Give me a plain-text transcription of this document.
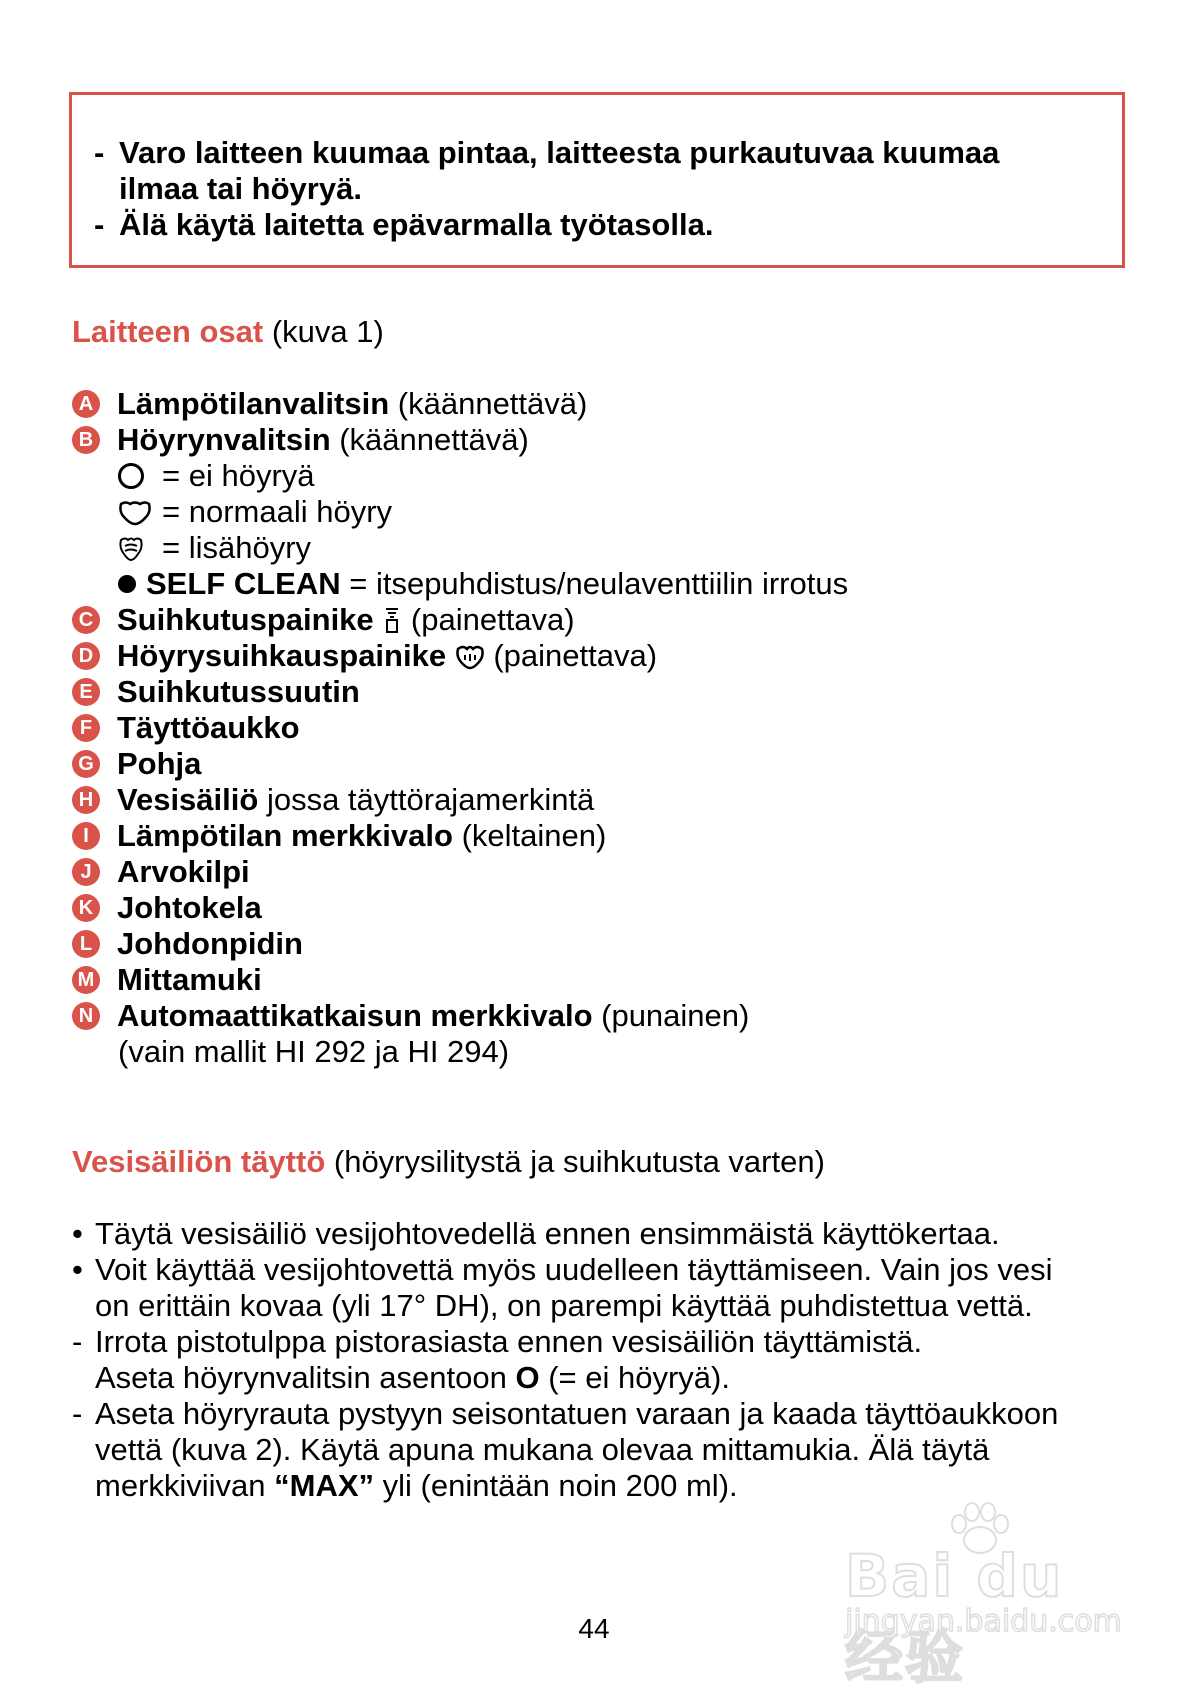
- Varo laitteen kuumaa pintaa, laitteesta purkautuvaa kuumaa
ilmaa tai höyryä.
- Älä käytä laitetta epävarmalla työtasolla.
Laitteen osat (kuva 1)
A Lämpötilanvalitsin (käännettävä)
B Höyrynvalitsin (käännettävä)
= ei höyryä
= normaali höyry
= lisähöyry
SELF CLEAN = itsepuhdistus/neulaventtiilin irrotus
C Suihkutuspainike  (painettava)
D Höyrysuihkauspainike  (painettava)
E Suihkutussuutin
F Täyttöaukko
G Pohja
H Vesisäiliö jossa täyttörajamerkintä
I Lämpötilan merkkivalo (keltainen)
J Arvokilpi
K Johtokela
L Johdonpidin
M Mittamuki
N Automaattikatkaisun merkkivalo (punainen)
(vain mallit HI 292 ja HI 294)
Vesisäiliön täyttö (höyrysilitystä ja suihkutusta varten)
• Täytä vesisäiliö vesijohtovedellä ennen ensimmäistä käyttökertaa.
• Voit käyttää vesijohtovettä myös uudelleen täyttämiseen. Vain jos vesi
on erittäin kovaa (yli 17° DH), on parempi käyttää puhdistettua vettä.
- Irrota pistotulppa pistorasiasta ennen vesisäiliön täyttämistä.
Aseta höyrynvalitsin asentoon O (= ei höyryä).
- Aseta höyryrauta pystyyn seisontatuen varaan ja kaada täyttöaukkoon
vettä (kuva 2). Käytä apuna mukana olevaa mittamukia. Älä täytä
merkkiviivan “MAX” yli (enintään noin 200 ml).
Bai du 经验
jingyan.baidu.com
44
